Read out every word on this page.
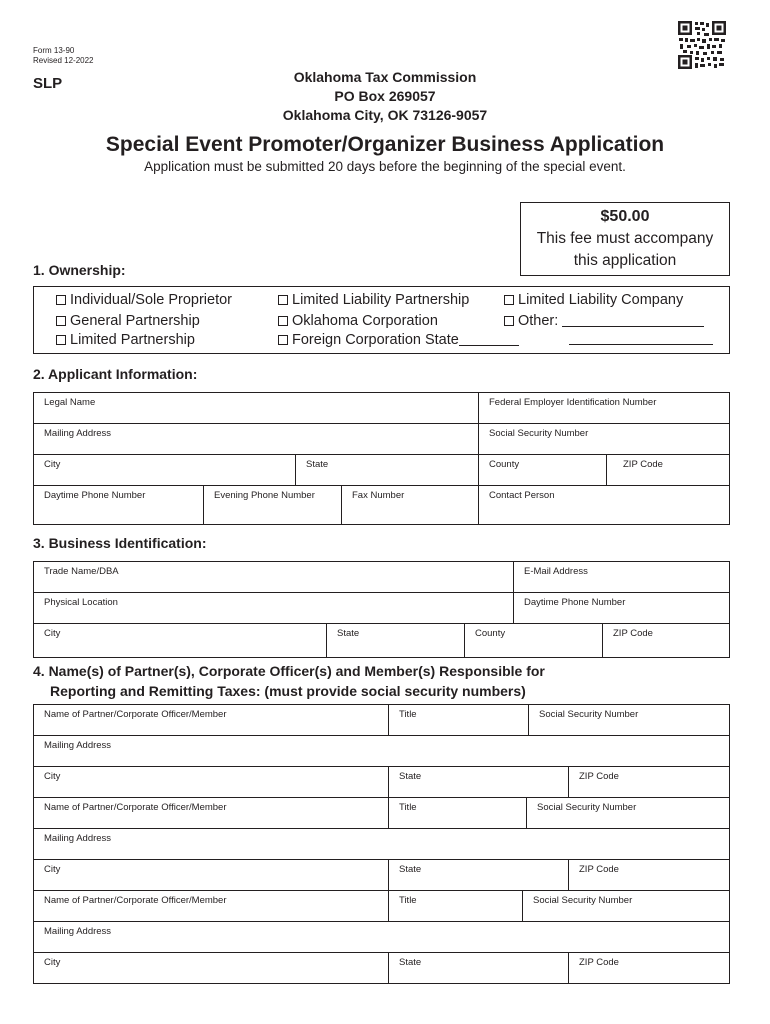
Form 13-90
Revised 12-2022
SLP	Oklahoma Tax Commission
PO Box 269057
Oklahoma City, OK 73126-9057
Special Event Promoter/Organizer Business Application
Application must be submitted 20 days before the beginning of the special event.
$50.00
This fee must accompany
this application
1. Ownership:
Individual/Sole Proprietor
General Partnership
Limited Partnership
Limited Liability Partnership
Oklahoma Corporation
Foreign Corporation State
Limited Liability Company
Other:
2. Applicant Information:
Legal Name	Federal Employer Identification Number
Mailing Address	Social Security Number
City	State	County	ZIP Code
Daytime Phone Number	Evening Phone Number	Fax Number	Contact Person
3. Business Identification:
Trade Name/DBA	E-Mail Address
Physical Location	Daytime Phone Number
City	State	County	ZIP Code
4. Name(s) of Partner(s), Corporate Officer(s) and Member(s) Responsible for
Reporting and Remitting Taxes: (must provide social security numbers)
Name of Partner/Corporate Officer/Member	Title	Social Security Number
Mailing Address
City	State	ZIP Code
Name of Partner/Corporate Officer/Member	Title	Social Security Number
Mailing Address
City	State	ZIP Code
Name of Partner/Corporate Officer/Member	Title	Social Security Number
Mailing Address
City	State	ZIP Code
